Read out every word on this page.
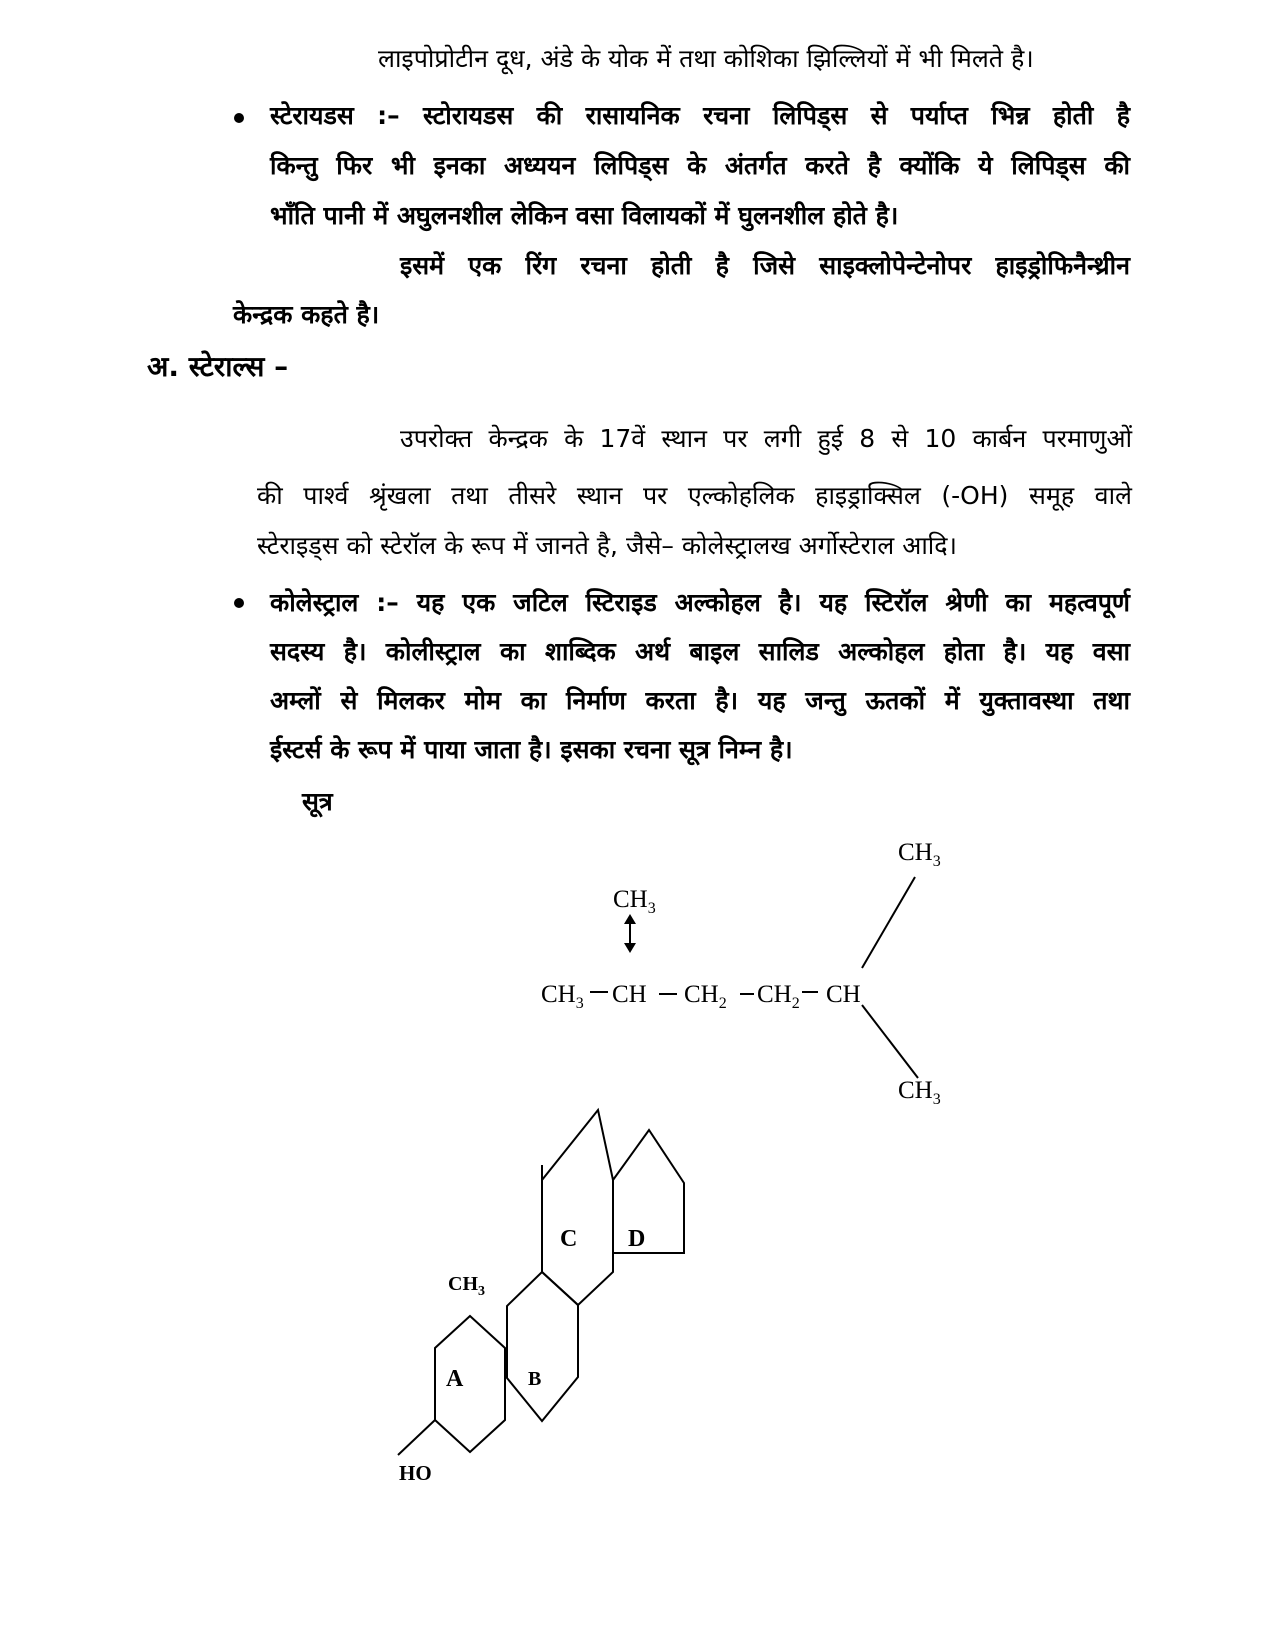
लाइपोप्रोटीन दूध, अंडे के योक में तथा कोशिका झिल्लियों में भी मिलते है।
स्टेरायडस :– स्टोरायडस की रासायनिक रचना लिपिड्स से पर्याप्त भिन्न होती है
किन्तु फिर भी इनका अध्ययन लिपिड्स के अंतर्गत करते है क्योंकि ये लिपिड्स की
भाँति पानी में अघुलनशील लेकिन वसा विलायकों में घुलनशील होते है।
इसमें एक रिंग रचना होती है जिसे साइक्लोपेन्टेनोपर हाइड्रोफिनैन्थ्रीन
केन्द्रक कहते है।
अ. स्टेराल्स –
उपरोक्त केन्द्रक के 17वें स्थान पर लगी हुई 8 से 10 कार्बन परमाणुओं
की पार्श्व श्रृंखला तथा तीसरे स्थान पर एल्कोहलिक हाइड्राक्सिल (-OH) समूह वाले
स्टेराइड्स को स्टेरॉल के रूप में जानते है, जैसे– कोलेस्ट्रालख अर्गोस्टेराल आदि।
कोलेस्ट्राल :– यह एक जटिल स्टिराइड अल्कोहल है। यह स्टिरॉल श्रेणी का महत्वपूर्ण
सदस्य है। कोलीस्ट्राल का शाब्दिक अर्थ बाइल सालिड अल्कोहल होता है। यह वसा
अम्लों से मिलकर मोम का निर्माण करता है। यह जन्तु ऊतकों में युक्तावस्था तथा
ईस्टर्स के रूप में पाया जाता है। इसका रचना सूत्र निम्न है।
सूत्र
$CH_3$
$CH_3$
$CH_3$ CH $CH_2$ $CH_2$ CH
$CH_3$
A	B
C D
$CH_3$
HO
